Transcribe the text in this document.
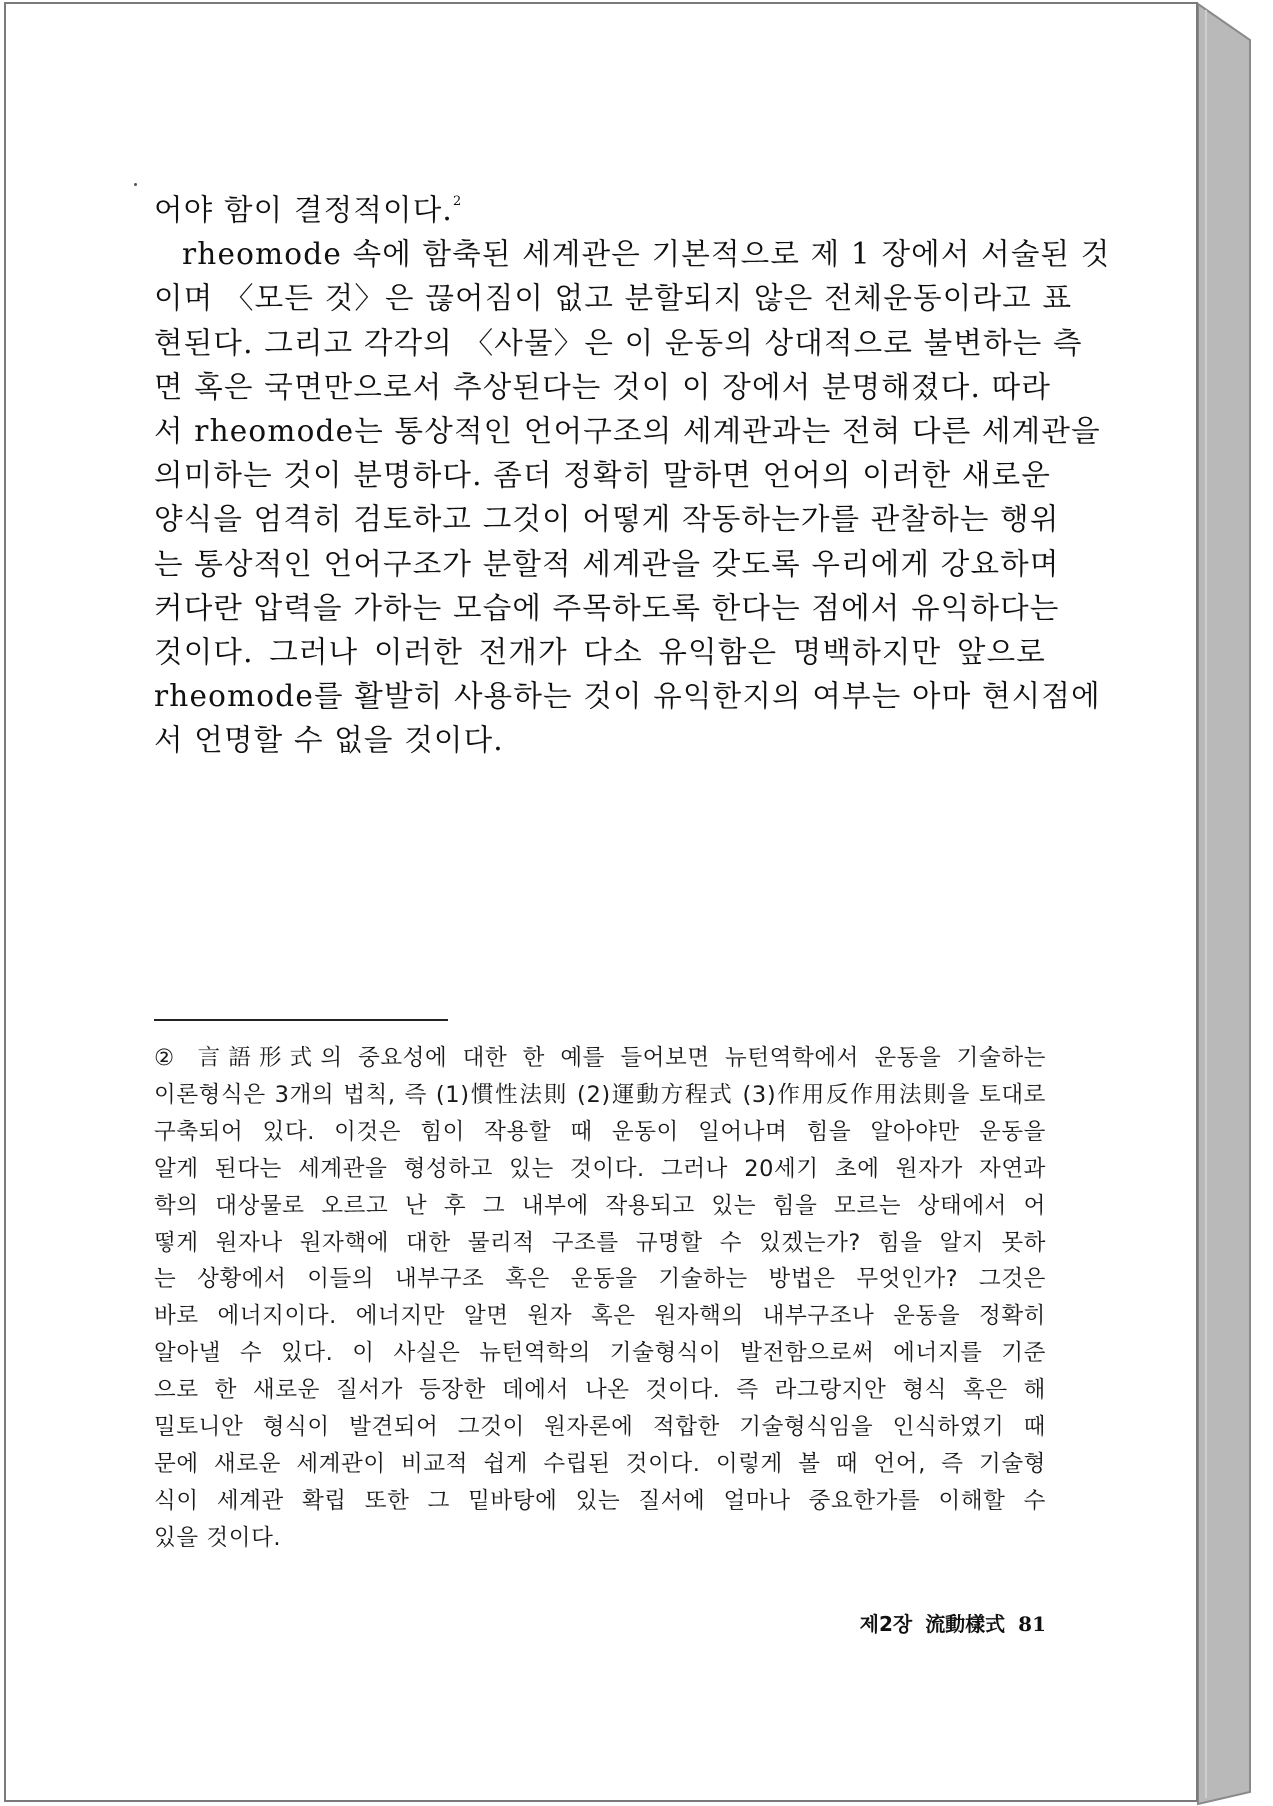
어야 함이 결정적이다.$^2$
rheomode 속에 함축된 세계관은 기본적으로 제 1 장에서 서술된 것
이며 〈모든 것〉은 끊어짐이 없고 분할되지 않은 전체운동이라고 표
현된다. 그리고 각각의 〈사물〉은 이 운동의 상대적으로 불변하는 측
면 혹은 국면만으로서 추상된다는 것이 이 장에서 분명해졌다. 따라
서 rheomode는 통상적인 언어구조의 세계관과는 전혀 다른 세계관을
의미하는 것이 분명하다. 좀더 정확히 말하면 언어의 이러한 새로운
양식을 엄격히 검토하고 그것이 어떻게 작동하는가를 관찰하는 행위
는 통상적인 언어구조가 분할적 세계관을 갖도록 우리에게 강요하며
커다란 압력을 가하는 모습에 주목하도록 한다는 점에서 유익하다는
것이다. 그러나 이러한 전개가 다소 유익함은 명백하지만 앞으로
rheomode를 활발히 사용하는 것이 유익한지의 여부는 아마 현시점에
서 언명할 수 없을 것이다.
② 言語形式의 중요성에 대한 한 예를 들어보면 뉴턴역학에서 운동을 기술하는
이론형식은 3개의 법칙, 즉 (1)慣性法則 (2)運動方程式 (3)作用反作用法則을 토대로
구축되어 있다. 이것은 힘이 작용할 때 운동이 일어나며 힘을 알아야만 운동을
알게 된다는 세계관을 형성하고 있는 것이다. 그러나 20세기 초에 원자가 자연과
학의 대상물로 오르고 난 후 그 내부에 작용되고 있는 힘을 모르는 상태에서 어
떻게 원자나 원자핵에 대한 물리적 구조를 규명할 수 있겠는가? 힘을 알지 못하
는 상황에서 이들의 내부구조 혹은 운동을 기술하는 방법은 무엇인가? 그것은
바로 에너지이다. 에너지만 알면 원자 혹은 원자핵의 내부구조나 운동을 정확히
알아낼 수 있다. 이 사실은 뉴턴역학의 기술형식이 발전함으로써 에너지를 기준
으로 한 새로운 질서가 등장한 데에서 나온 것이다. 즉 라그랑지안 형식 혹은 해
밀토니안 형식이 발견되어 그것이 원자론에 적합한 기술형식임을 인식하였기 때
문에 새로운 세계관이 비교적 쉽게 수립된 것이다. 이렇게 볼 때 언어, 즉 기술형
식이 세계관 확립 또한 그 밑바탕에 있는 질서에 얼마나 중요한가를 이해할 수
있을 것이다.
제2장 流動樣式 81
